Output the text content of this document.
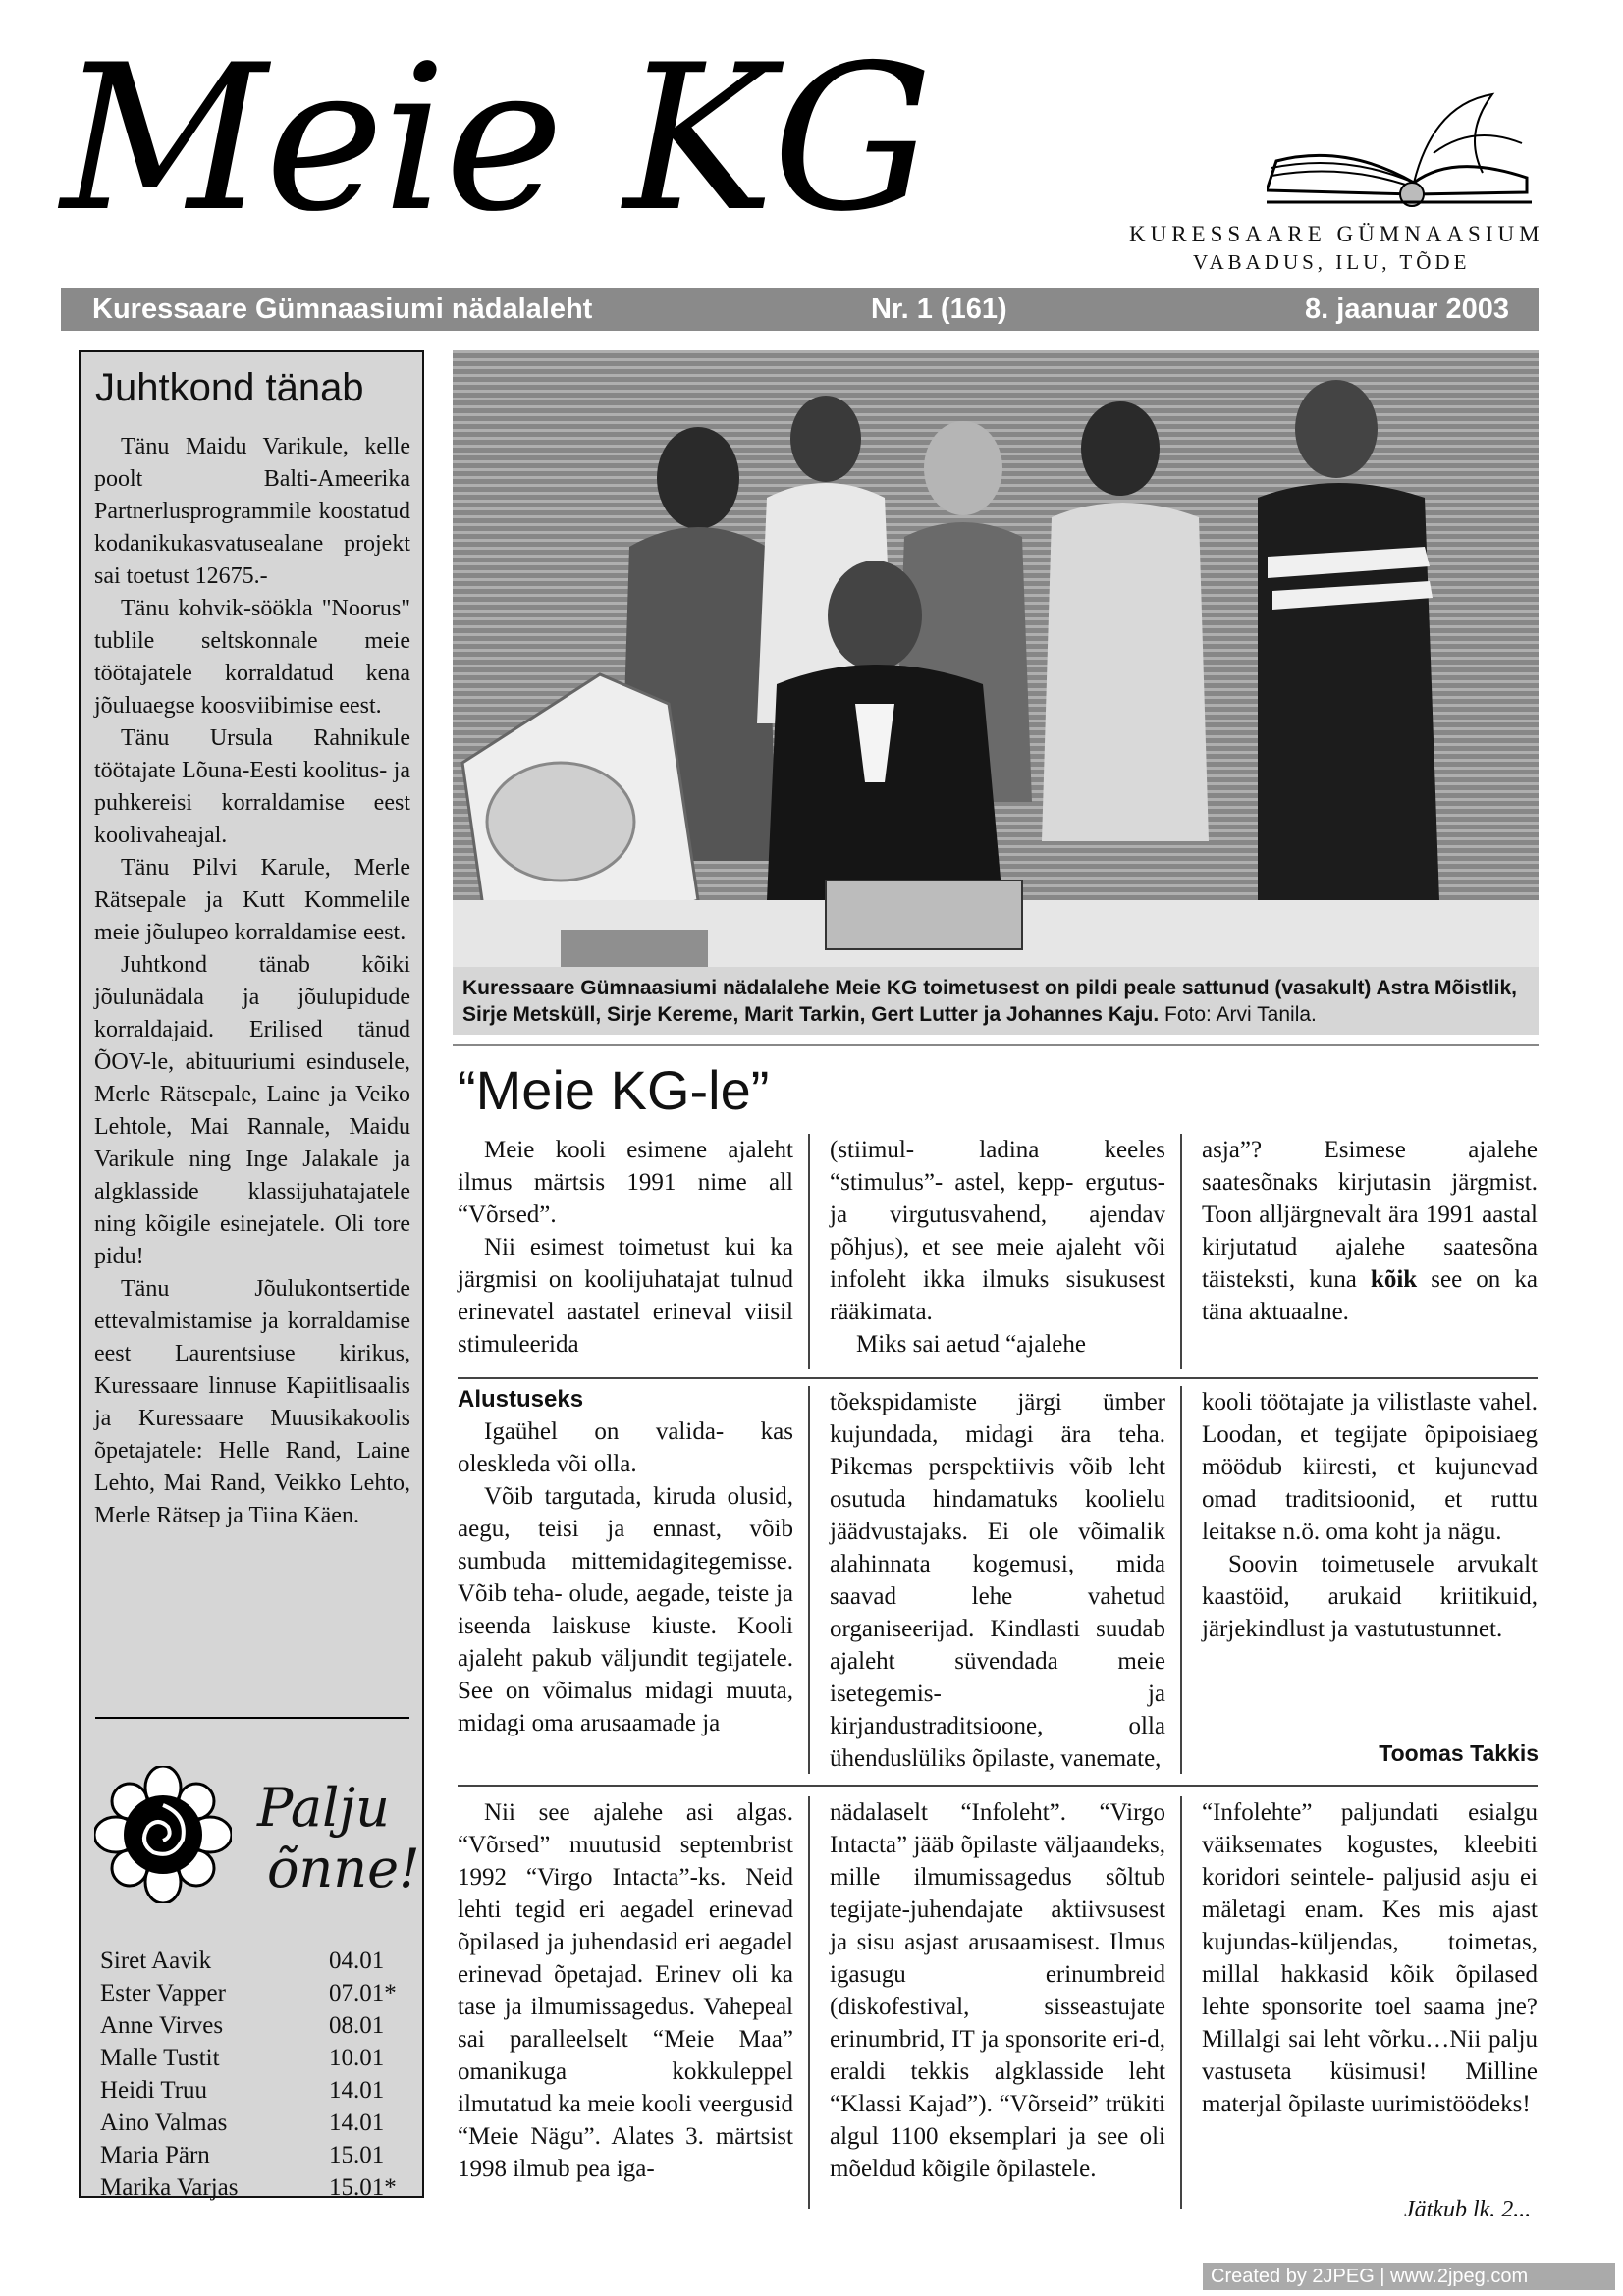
Meie KG	KURESSAARE GÜMNAASIUM
VABADUS, ILU, TÕDE
Kuressaare Gümnaasiumi nädalaleht	Nr. 1 (161)	8. jaanuar 2003
Juhtkond tänab

Tänu Maidu Varikule, kelle poolt Balti-Ameerika Partnerlusprogrammile koostatud kodanikukasvatusealane projekt sai toetust 12675.-

Tänu kohvik-söökla "Noorus" tublile seltskonnale meie töötajatele korraldatud kena jõuluaegse koosviibimise eest.

Tänu Ursula Rahnikule töötajate Lõuna-Eesti koolitus- ja puhkereisi korraldamise eest koolivaheajal.

Tänu Pilvi Karule, Merle Rätsepale ja Kutt Kommelile meie jõulupeo korraldamise eest.

Juhtkond tänab kõiki jõulunädala ja jõulupidude korraldajaid. Erilised tänud ÕOV-le, abituuriumi esindusele, Merle Rätsepale, Laine ja Veiko Lehtole, Mai Rannale, Maidu Varikule ning Inge Jalakale ja algklasside klassijuhatajatele ning kõigile esinejatele. Oli tore pidu!

Tänu Jõulukontsertide ettevalmistamise ja korraldamise eest Laurentsiuse kirikus, Kuressaare linnuse Kapiitlisaalis ja Kuressaare Muusikakoolis õpetajatele: Helle Rand, Laine Lehto, Mai Rand, Veikko Lehto, Merle Rätsep ja Tiina Käen.

Palju
õnne!
Siret Aavik	04.01
Ester Vapper	07.01*
Anne Virves	08.01
Malle Tustit	10.01
Heidi Truu	14.01
Aino Valmas	14.01
Maria Pärn	15.01
Marika Varjas	15.01*
Kuressaare Gümnaasiumi nädalalehe Meie KG toimetusest on pildi peale sattunud (vasakult) Astra Mõistlik, Sirje Metsküll, Sirje Kereme, Marit Tarkin, Gert Lutter ja Johannes Kaju. Foto: Arvi Tanila.
“Meie KG-le”

Meie kooli esimene ajaleht ilmus märtsis 1991 nime all “Võrsed”.

Nii esimest toimetust kui ka järgmisi on koolijuhatajat tulnud erinevatel aastatel erineval viisil stimuleerida

(stiimul- ladina keeles “stimulus”- astel, kepp- ergutus- ja virgutusvahend, ajendav põhjus), et see meie ajaleht või infoleht ikka ilmuks sisukusest rääkimata.

Miks sai aetud “ajalehe

asja”? Esimese ajalehe saatesõnaks kirjutasin järgmist. Toon alljärgnevalt ära 1991 aastal kirjutatud ajalehe saatesõna täisteksti, kuna kõik see on ka täna aktuaalne.

Alustuseks

Igaühel on valida- kas oleskleda või olla.

Võib targutada, kiruda olusid, aegu, teisi ja ennast, võib sumbuda mittemidagitegemisse. Võib teha- olude, aegade, teiste ja iseenda laiskuse kiuste. Kooli ajaleht pakub väljundit tegijatele. See on võimalus midagi muuta, midagi oma arusaamade ja

tõekspidamiste järgi ümber kujundada, midagi ära teha. Pikemas perspektiivis võib leht osutuda hindamatuks koolielu jäädvustajaks. Ei ole võimalik alahinnata kogemusi, mida saavad lehe vahetud organiseerijad. Kindlasti suudab ajaleht süvendada meie isetegemis- ja kirjandustraditsioone, olla ühenduslüliks õpilaste, vanemate,

kooli töötajate ja vilistlaste vahel. Loodan, et tegijate õpipoisiaeg möödub kiiresti, et kujunevad omad traditsioonid, et ruttu leitakse n.ö. oma koht ja nägu.

Soovin toimetusele arvukalt kaastöid, arukaid kriitikuid, järjekindlust ja vastutustunnet.

Toomas Takkis

Nii see ajalehe asi algas. “Võrsed” muutusid septembrist 1992 “Virgo Intacta”-ks. Neid lehti tegid eri aegadel erinevad õpilased ja juhendasid eri aegadel erinevad õpetajad. Erinev oli ka tase ja ilmumissagedus. Vahepeal sai paralleelselt “Meie Maa” omanikuga kokkuleppel ilmutatud ka meie kooli veergusid “Meie Nägu”. Alates 3. märtsist 1998 ilmub pea iga-

nädalaselt “Infoleht”. “Virgo Intacta” jääb õpilaste väljaandeks, mille ilmumissagedus sõltub tegijate-juhendajate aktiivsusest ja sisu asjast arusaamisest. Ilmus igasugu erinumbreid (diskofestival, sisseastujate erinumbrid, IT ja sponsorite eri-d, eraldi tekkis algklasside leht “Klassi Kajad”). “Võrseid” trükiti algul 1100 eksemplari ja see oli mõeldud kõigile õpilastele.

“Infolehte” paljundati esialgu väiksemates kogustes, kleebiti koridori seintele- paljusid asju ei mäletagi enam. Kes mis ajast kujundas-küljendas, toimetas, millal hakkasid kõik õpilased lehte sponsorite toel saama jne? Millalgi sai leht võrku…Nii palju vastuseta küsimusi! Milline materjal õpilaste uurimistöödeks!

Jätkub lk. 2...
Created by 2JPEG | www.2jpeg.com
